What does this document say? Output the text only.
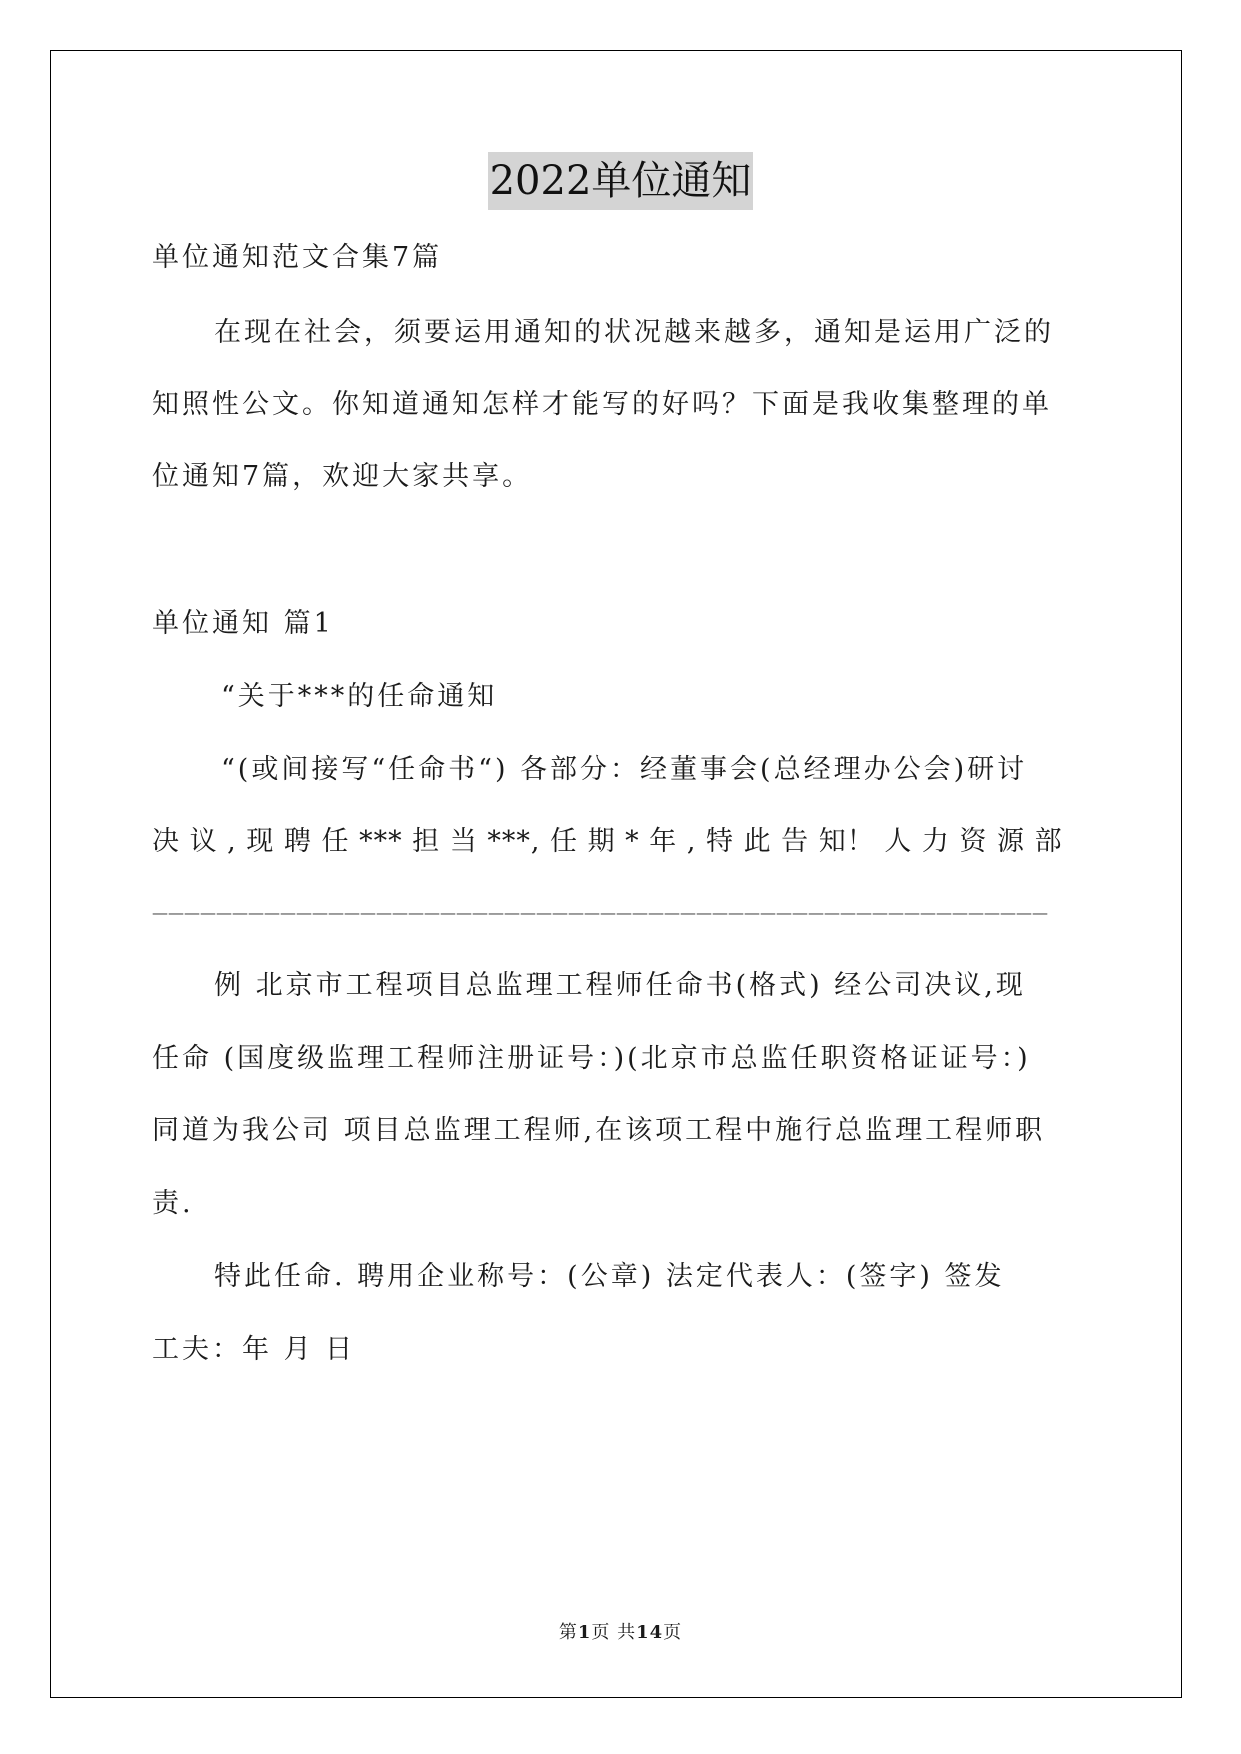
2022单位通知
单位通知范文合集7篇
在现在社会，须要运用通知的状况越来越多，通知是运用广泛的
知照性公文。你知道通知怎样才能写的好吗？下面是我收集整理的单
位通知7篇，欢迎大家共享。
单位通知 篇1
“关于***的任命通知
“(或间接写“任命书“) 各部分：经董事会(总经理办公会)研讨
决 议 , 现 聘 任 *** 担 当 ***, 任 期 * 年 , 特 此 告 知！ 人 力 资 源 部
————————————————————————————————————————————————————————
例 北京市工程项目总监理工程师任命书(格式) 经公司决议,现
任命 (国度级监理工程师注册证号：)(北京市总监任职资格证证号：)
同道为我公司 项目总监理工程师,在该项工程中施行总监理工程师职
责.
特此任命. 聘用企业称号：(公章) 法定代表人：(签字) 签发
工夫：年 月 日
第1页 共14页
